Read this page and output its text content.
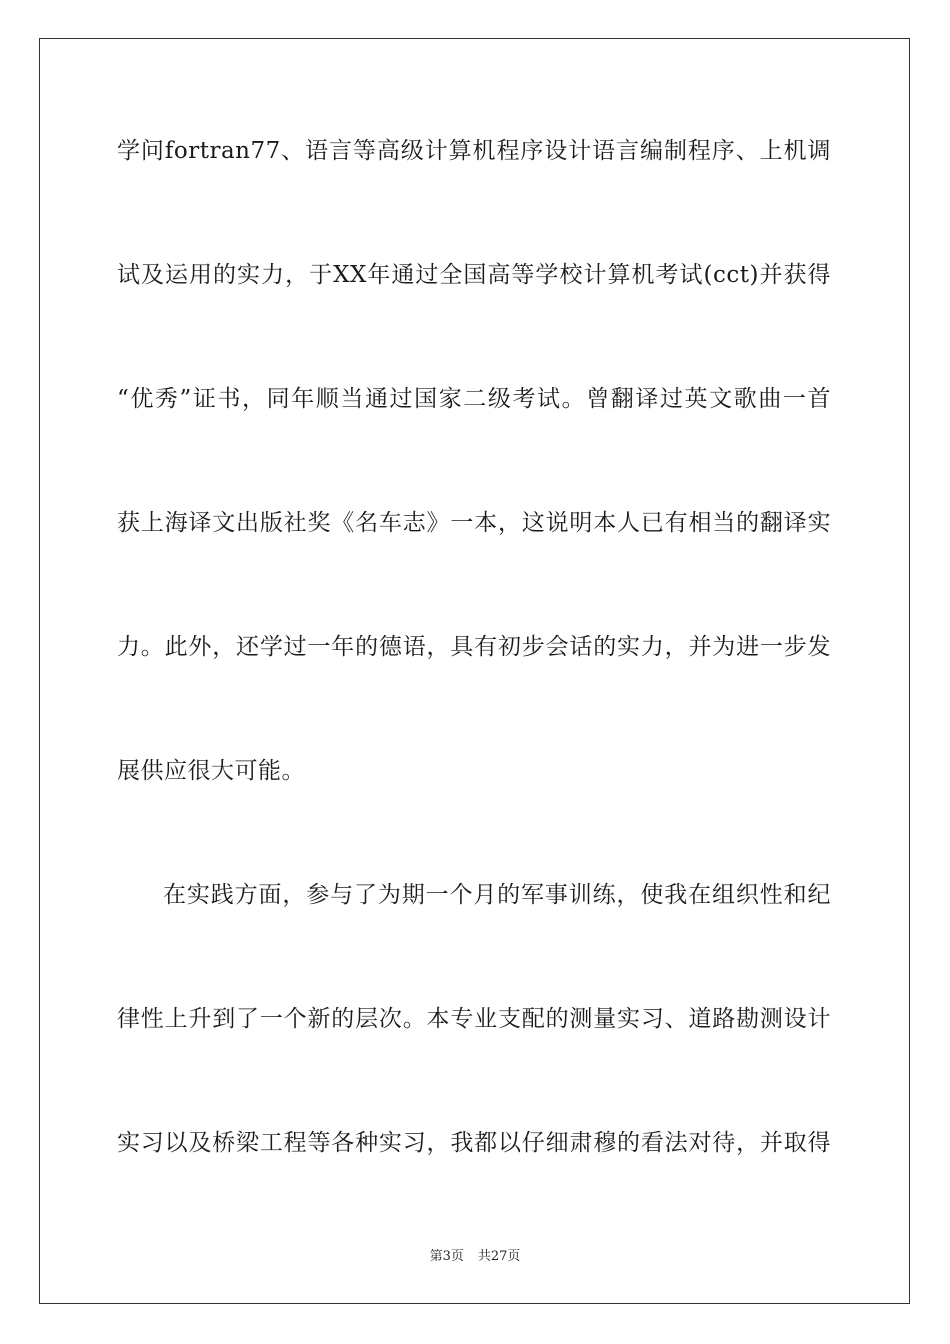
学问fortran77、语言等高级计算机程序设计语言编制程序、上机调
试及运用的实力，于XX年通过全国高等学校计算机考试(cct)并获得
“优秀”证书，同年顺当通过国家二级考试。曾翻译过英文歌曲一首
获上海译文出版社奖《名车志》一本，这说明本人已有相当的翻译实
力。此外，还学过一年的德语，具有初步会话的实力，并为进一步发
展供应很大可能。
在实践方面，参与了为期一个月的军事训练，使我在组织性和纪
律性上升到了一个新的层次。本专业支配的测量实习、道路勘测设计
实习以及桥梁工程等各种实习，我都以仔细肃穆的看法对待，并取得
第3页 共27页
